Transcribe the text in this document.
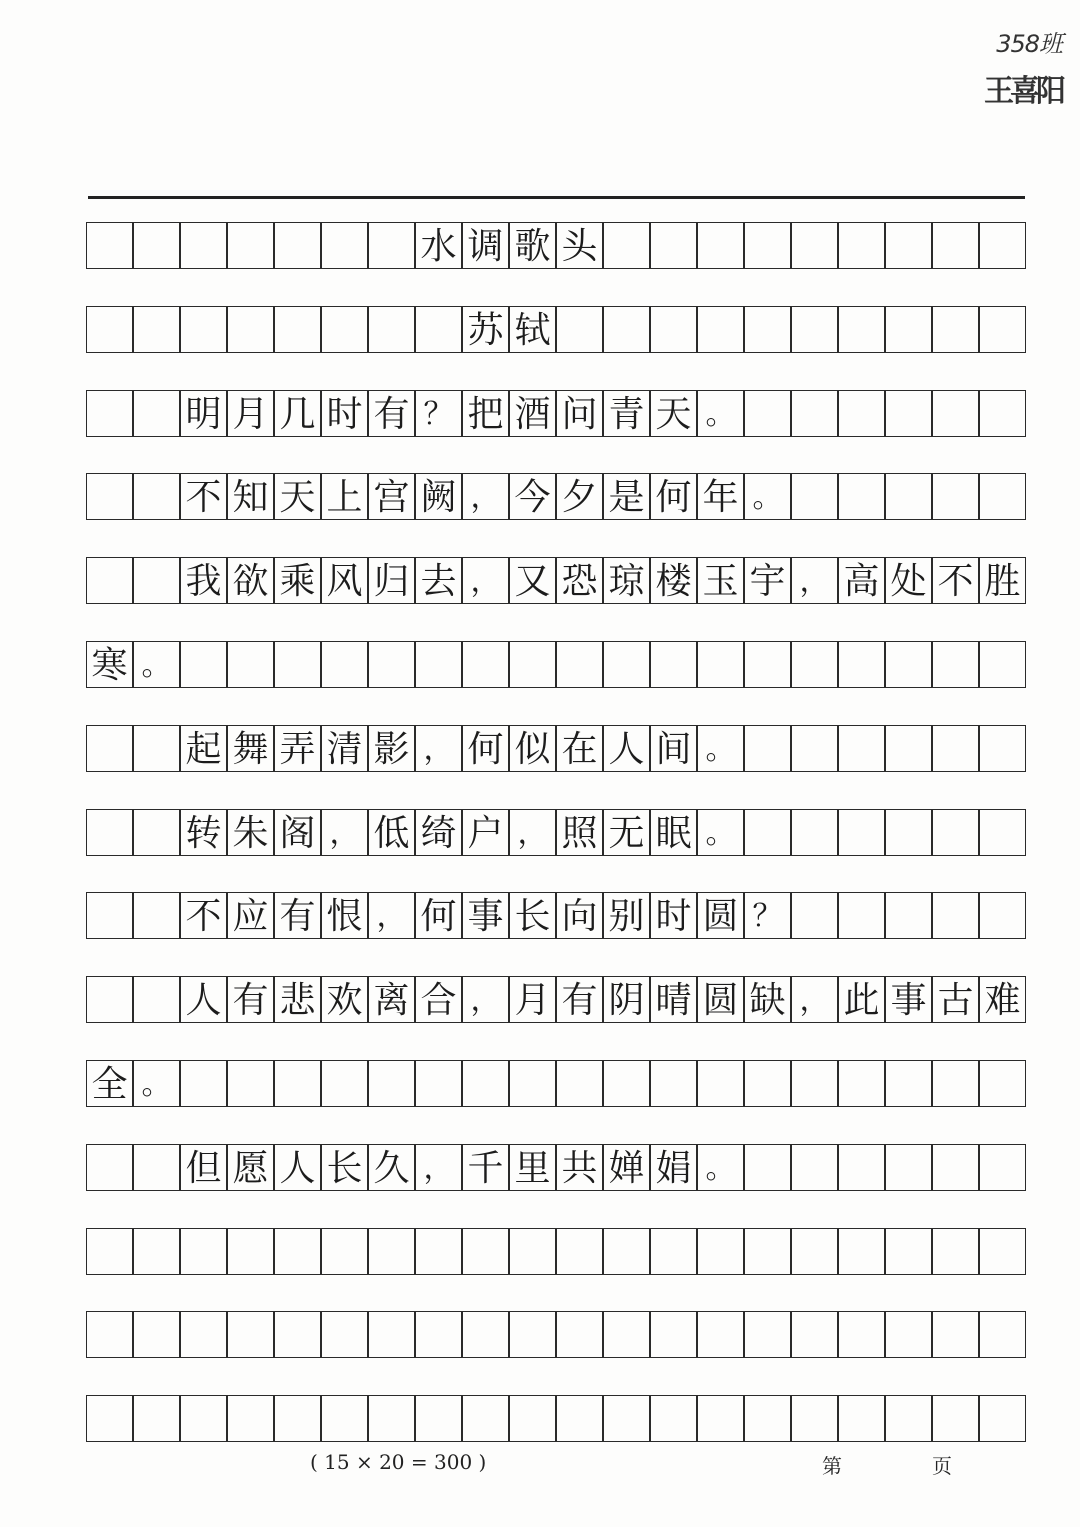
358班
王喜阳
水 调 歌 头
苏 轼
明 月 几 时 有 ？ 把 酒 问 青 天 。
不 知 天 上 宫 阙 ， 今 夕 是 何 年 。
我 欲 乘 风 归 去 ， 又 恐 琼 楼 玉 宇 ， 高 处 不 胜
寒 。
起 舞 弄 清 影 ， 何 似 在 人 间 。
转 朱 阁 ， 低 绮 户 ， 照 无 眠 。
不 应 有 恨 ， 何 事 长 向 别 时 圆 ？
人 有 悲 欢 离 合 ， 月 有 阴 晴 圆 缺 ， 此 事 古 难
全 。
但 愿 人 长 久 ， 千 里 共 婵 娟 。
( 15 × 20 = 300 )	第	页
